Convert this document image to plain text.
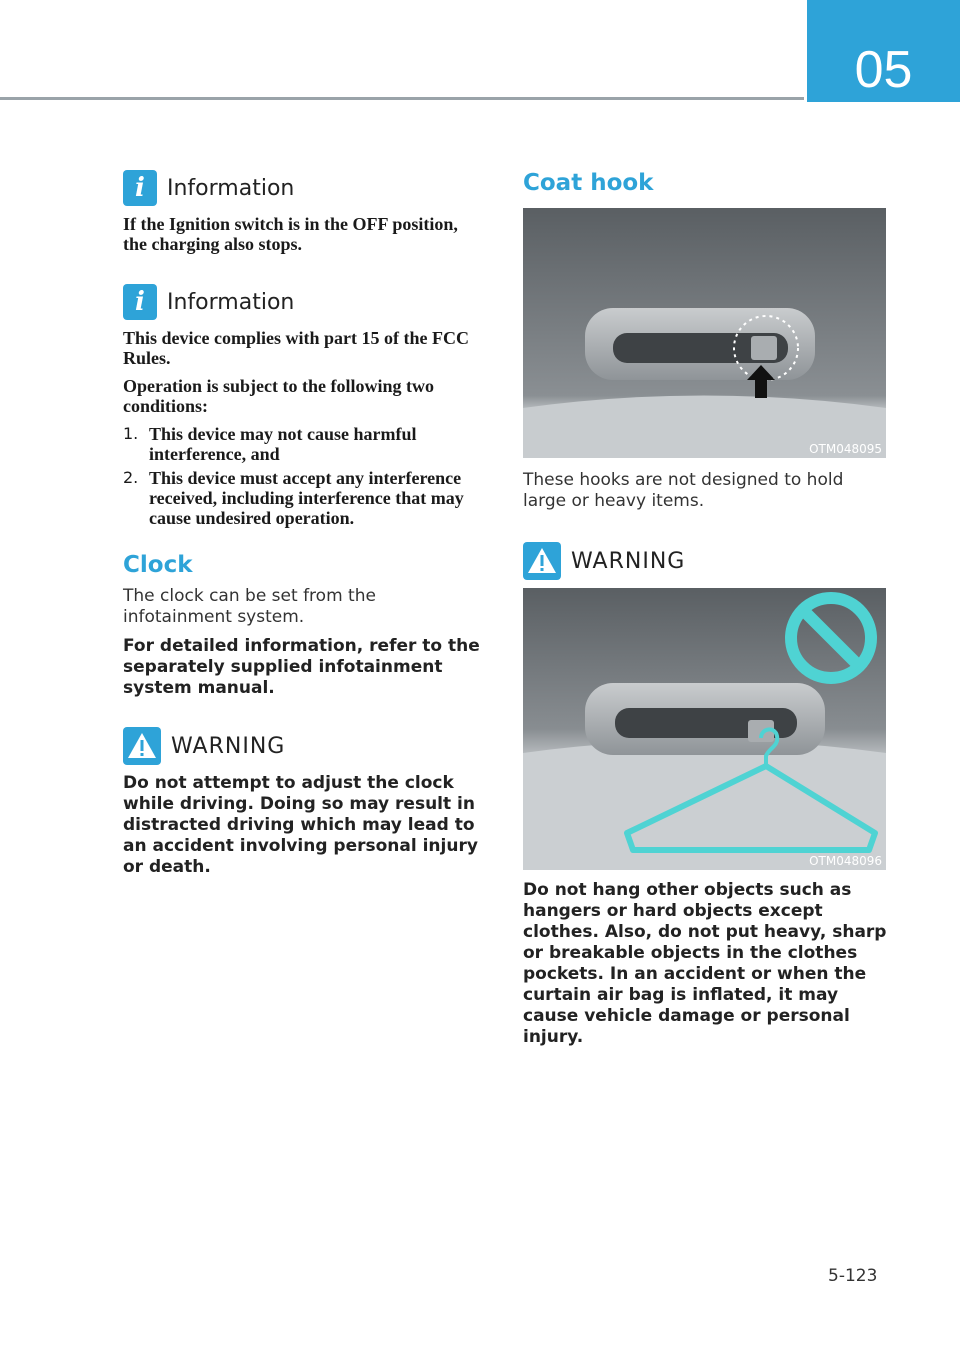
05
i	Information

If the Ignition switch is in the OFF position, the charging also stops.

i	Information

This device complies with part 15 of the FCC Rules.

Operation is subject to the following two conditions:

1. This device may not cause harmful interference, and
2. This device must accept any interference received, including interference that may cause undesired operation.
Clock

The clock can be set from the infotainment system.

For detailed information, refer to the separately supplied infotainment system manual.

WARNING

Do not attempt to adjust the clock while driving. Doing so may result in distracted driving which may lead to an accident involving personal injury or death.

Coat hook
OTM048095

These hooks are not designed to hold large or heavy items.

WARNING
OTM048096

Do not hang other objects such as hangers or hard objects except clothes. Also, do not put heavy, sharp or breakable objects in the clothes pockets. In an accident or when the curtain air bag is inflated, it may cause vehicle damage or personal injury.

5-123
